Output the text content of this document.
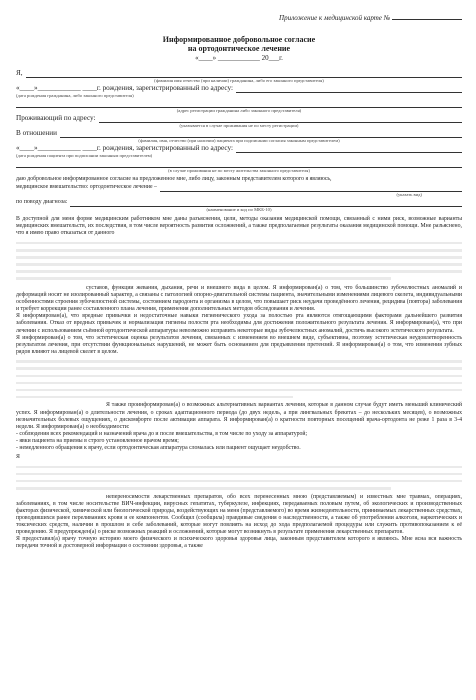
Приложение к медицинской карте №
Информированное добровольное согласие
на ортодонтическое лечение
«____» ____________ 20___г.
Я,
(фамилия имя отчество (при наличии) гражданина, либо его законного представителя)
«____»____________ ____г. рождения, зарегистрированный по адресу:
(дата рождения гражданина, либо законного представителя)
(адрес регистрации гражданина либо законного представителя)
Проживающий по адресу:
(указывается в случае проживания не по месту регистрации)
В отношении
(фамилия, имя, отчество (при наличии) пациента при подписании согласия законным представителем)
«____»____________ ____г. рождения, зарегистрированный по адресу:
(дата рождения пациента при подписании законным представителем)
(в случае проживания не по месту жительства законного представителя)
даю добровольное информированное согласие на предложенное мне, либо лицу, законным представителем которого я являюсь,
медицинское вмешательство: ортодонтическое лечение –
(указать вид)
по поводу диагноза:
(наименование и код по МКБ-10)
В доступной для меня форме медицинским работником мне даны разъяснения, цели, методы оказания медицинской помощи, связанный с ними риск, возможные варианты медицинских вмешательств, их последствия, в том числе вероятность развития осложнений, а также предполагаемые результаты оказания медицинской помощи. Мне разъяснено, что я имею право отказаться от данного
суставов, функции жевания, дыхания, речи и внешнего вида в целом. Я информирован(а) о том, что большинство зубочелюстных аномалий и деформаций носят не изолированный характер, а связаны с патологией опорно-двигательной системы пациента, значительными изменениями лицевого скелета, индивидуальными особенностями строения зубочелюстной системы, состоянием пародонта и организма в целом, что повышает риск неудачи проведённого лечения, рецидива (повтора) заболевания и требует коррекции ранее составленного плана лечения, применения дополнительных методов обследования и лечения.
Я информирован(а), что вредные привычки и недостаточные навыки гигиенического ухода за полостью рта являются отягощающими факторами дальнейшего развития заболевания. Отказ от вредных привычек и нормализация гигиены полости рта необходимы для достижения положительного результата лечения. Я информирован(а), что при лечении с использованием съёмной ортодонтической аппаратуры невозможно исправить некоторые виды зубочелюстных аномалий, достичь высокого эстетического результата.
Я информирован(а) о том, что эстетическая оценка результатов лечения, связанных с изменением во внешнем виде, субъективна, поэтому эстетическая неудовлетворенность результатом лечения, при отсутствии функциональных нарушений, не может быть основанием для предъявления претензий. Я информирован(а) о том, что изменения зубных рядов влияют на лицевой скелет в целом.
Я также проинформирован(а) о возможных альтернативных вариантах лечения, которые в данном случае будут иметь меньший клинический успех. Я информирован(а) о длительности лечения, о сроках адаптационного периода (до двух недель, а при лингвальных брекетах – до нескольких месяцев), о возможных незначительных болевых ощущениях, о дискомфорте после активации аппарата. Я информирован(а) о кратности повторных посещений врача-ортодонта не реже 1 раза в 3-4 недели. Я информирован(а) о необходимости:
- соблюдения всех рекомендаций и назначений врача до и после вмешательства, в том числе по уходу за аппаратурой;
- явки пациента на приемы в строго установленное врачом время;
- немедленного обращения к врачу, если ортодонтическая аппаратура сломалась или пациент ощущает неудобство.
Я
непереносимости лекарственных препаратов, обо всех перенесенных мною (представляемым) и известных мне травмах, операциях, заболеваниях, в том числе носительстве ВИЧ-инфекции, вирусных гепатитах, туберкулезе, инфекциях, передаваемых половым путем, об экологических и производственных факторах физической, химической или биологической природы, воздействующих на меня (представляемого) во время жизнедеятельности, принимаемых лекарственных средствах, проводившихся ранее переливаниях крови и ее компонентов. Сообщил (сообщила) правдивые сведения о наследственности, а также об употреблении алкоголя, наркотических и токсических средств, наличии в прошлом и себе заболеваний, которые могут повлиять на исход до хода предполагаемой процедуры или служить противопоказанием к её проведению. Я предупрежден(а) о риске возможных реакций и осложнений, которые могут возникнуть в результате применения лекарственных препаратов.
Я предоставил(а) врачу точную историю моего физического и психического здоровья здоровья лица, законным представителем которого я являюсь. Мне ясна вся важность передачи точной и достоверной информации о состоянии здоровья, а также
